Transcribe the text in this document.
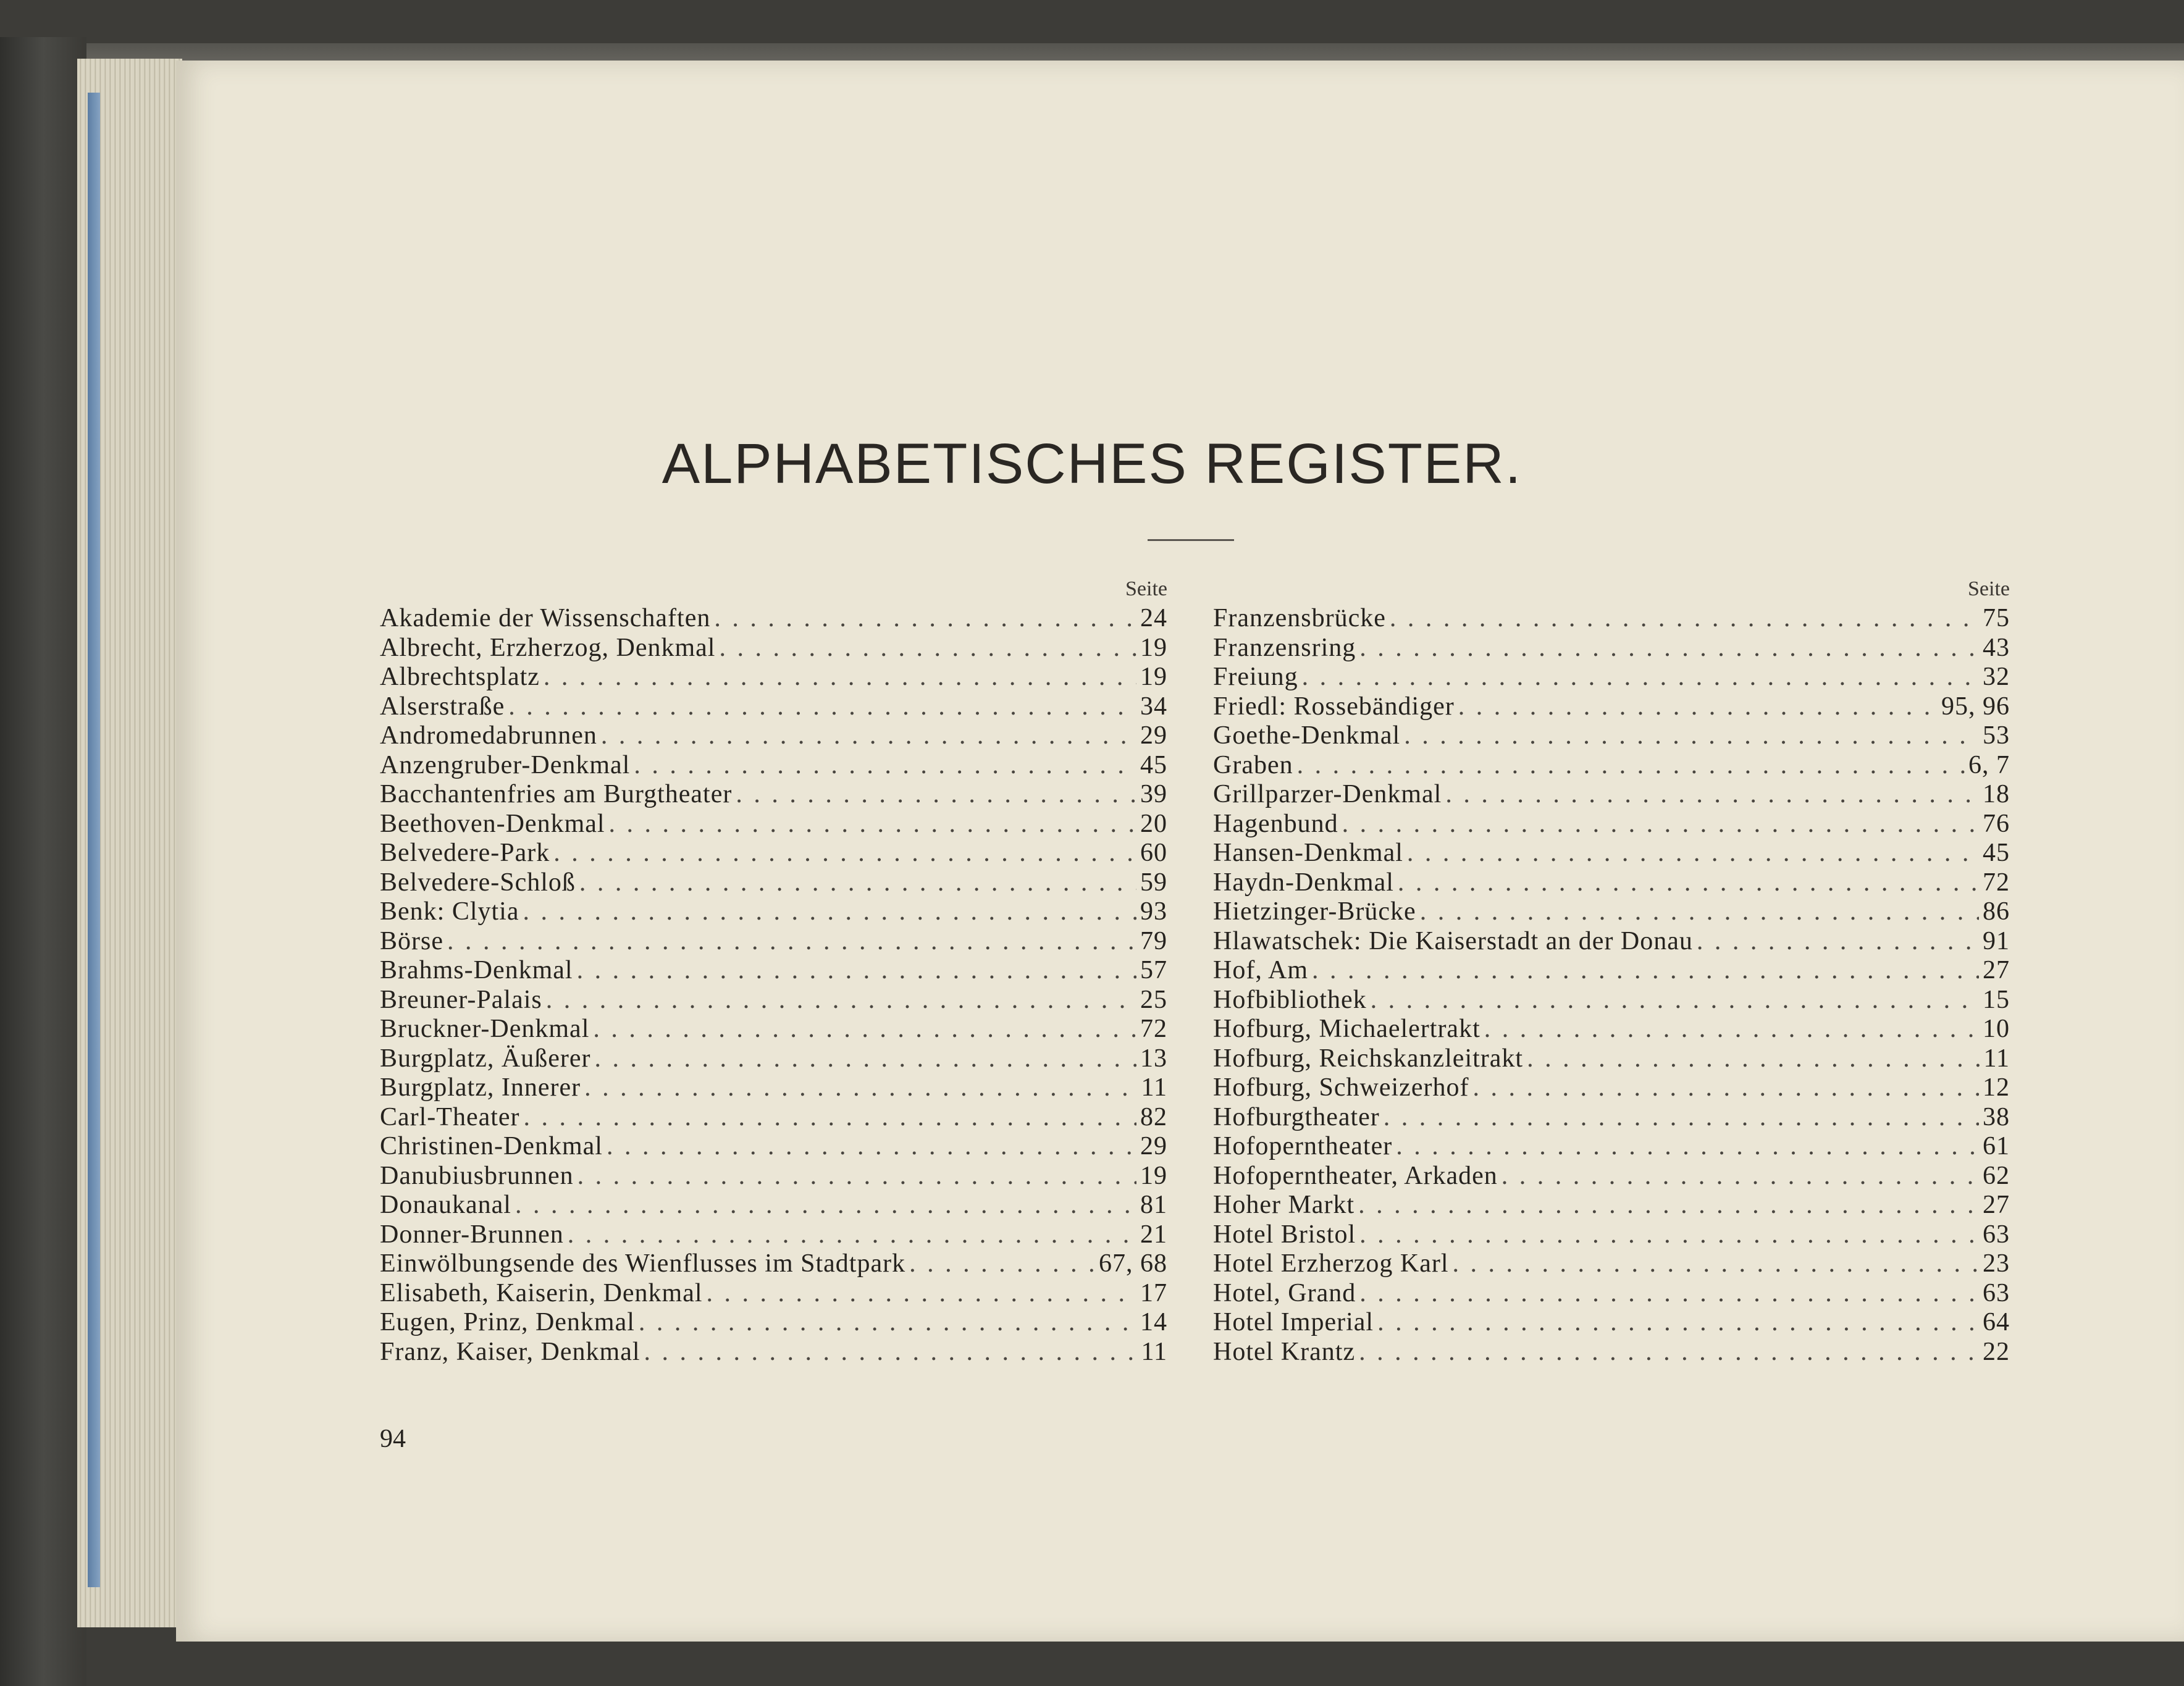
ALPHABETISCHES REGISTER.
Seite
Akademie der Wissenschaften . . .	24
Albrecht, Erzherzog, Denkmal . . .	19
Albrechtsplatz . . .	19
Alserstraße . . .	34
Andromedabrunnen . . .	29
Anzengruber-Denkmal . . .	45
Bacchantenfries am Burgtheater . . .	39
Beethoven-Denkmal . . .	20
Belvedere-Park . . .	60
Belvedere-Schloß . . .	59
Benk: Clytia . . .	93
Börse . . .	79
Brahms-Denkmal . . .	57
Breuner-Palais . . .	25
Bruckner-Denkmal . . .	72
Burgplatz, Äußerer . . .	13
Burgplatz, Innerer . . .	11
Carl-Theater . . .	82
Christinen-Denkmal . . .	29
Danubiusbrunnen . . .	19
Donaukanal . . .	81
Donner-Brunnen . . .	21
Einwölbungsende des Wienflusses im Stadtpark . . .	67, 68
Elisabeth, Kaiserin, Denkmal . . .	17
Eugen, Prinz, Denkmal . . .	14
Franz, Kaiser, Denkmal . . .	11
Seite
Franzensbrücke . . .	75
Franzensring . . .	43
Freiung . . .	32
Friedl: Rossebändiger . . .	95, 96
Goethe-Denkmal . . .	53
Graben . . .	6, 7
Grillparzer-Denkmal . . .	18
Hagenbund . . .	76
Hansen-Denkmal . . .	45
Haydn-Denkmal . . .	72
Hietzinger-Brücke . . .	86
Hlawatschek: Die Kaiserstadt an der Donau . . .	91
Hof, Am . . .	27
Hofbibliothek . . .	15
Hofburg, Michaelertrakt . . .	10
Hofburg, Reichskanzleitrakt . . .	11
Hofburg, Schweizerhof . . .	12
Hofburgtheater . . .	38
Hofoperntheater . . .	61
Hofoperntheater, Arkaden . . .	62
Hoher Markt . . .	27
Hotel Bristol . . .	63
Hotel Erzherzog Karl . . .	23
Hotel, Grand . . .	63
Hotel Imperial . . .	64
Hotel Krantz . . .	22
94
